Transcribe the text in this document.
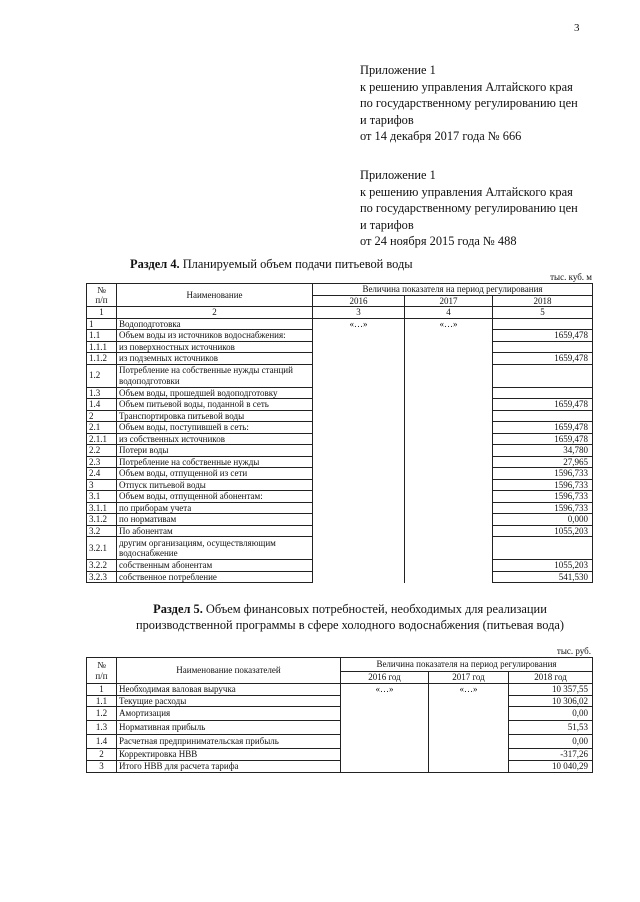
3
Приложение 1
к решению управления Алтайского края
по государственному регулированию цен
и тарифов
от 14 декабря 2017 года № 666
Приложение 1
к решению управления Алтайского края
по государственному регулированию цен
и тарифов
от 24 ноября 2015 года № 488
Раздел 4. Планируемый объем подачи питьевой воды
тыс. куб. м
№
п/п	Наименование	Величина показателя на период регулирования		
		2016	2017	2018
1	2	3	4	5
1	Водоподготовка	«…»	«…»	
1.1	Объем воды из источников водоснабжения:			1659,478
1.1.1	из поверхностных источников			
1.1.2	из подземных источников			1659,478
1.2	Потребление на собственные нужды станций водоподготовки			
1.3	Объем воды, прошедшей водоподготовку			
1.4	Объем питьевой воды, поданной в сеть			1659,478
2	Транспортировка питьевой воды			
2.1	Объем воды, поступившей в сеть:			1659,478
2.1.1	из собственных источников			1659,478
2.2	Потери воды			34,780
2.3	Потребление на собственные нужды			27,965
2.4	Объем воды, отпущенной из сети			1596,733
3	Отпуск питьевой воды			1596,733
3.1	Объем воды, отпущенной абонентам:			1596,733
3.1.1	по приборам учета			1596,733
3.1.2	по нормативам			0,000
3.2	По абонентам			1055,203
3.2.1	другим организациям, осуществляющим водоснабжение			
3.2.2	собственным абонентам			1055,203
3.2.3	собственное потребление			541,530
Раздел 5. Объем финансовых потребностей, необходимых для реализации производственной программы в сфере холодного водоснабжения (питьевая вода)
тыс. руб.
№
п/п	Наименование показателей	Величина показателя на период регулирования		
		2016 год	2017 год	2018 год
1	Необходимая валовая выручка	«…»	«…»	10 357,55
1.1	Текущие расходы			10 306,02
1.2	Амортизация			0,00
1.3	Нормативная прибыль			51,53
1.4	Расчетная предпринимательская прибыль			0,00
2	Корректировка НВВ			-317,26
3	Итого НВВ для расчета тарифа			10 040,29
